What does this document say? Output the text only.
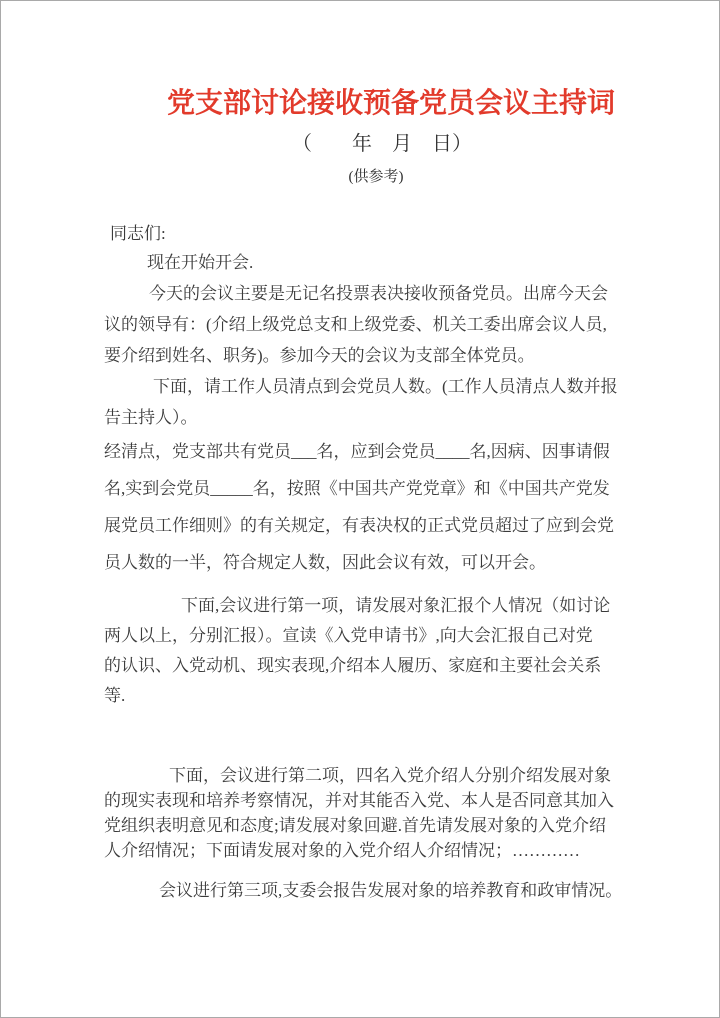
党支部讨论接收预备党员会议主持词
（　　年　月　日）
(供参考)

同志们:

现在开始开会.

今天的会议主要是无记名投票表决接收预备党员。出席今天会
议的领导有：(介绍上级党总支和上级党委、机关工委出席会议人员,
要介绍到姓名、职务)。参加今天的会议为支部全体党员。

下面，请工作人员清点到会党员人数。(工作人员清点人数并报
告主持人）。

经清点，党支部共有党员___名，应到会党员____名,因病、因事请假
名,实到会党员_____名，按照《中国共产党党章》和《中国共产党发
展党员工作细则》的有关规定，有表决权的正式党员超过了应到会党
员人数的一半，符合规定人数，因此会议有效，可以开会。

下面,会议进行第一项，请发展对象汇报个人情况（如讨论
两人以上，分别汇报）。宣读《入党申请书》,向大会汇报自己对党
的认识、入党动机、现实表现,介绍本人履历、家庭和主要社会关系
等.

下面，会议进行第二项，四名入党介绍人分别介绍发展对象
的现实表现和培养考察情况，并对其能否入党、本人是否同意其加入
党组织表明意见和态度;请发展对象回避.首先请发展对象的入党介绍
人介绍情况；下面请发展对象的入党介绍人介绍情况；…………

会议进行第三项,支委会报告发展对象的培养教育和政审情况。
